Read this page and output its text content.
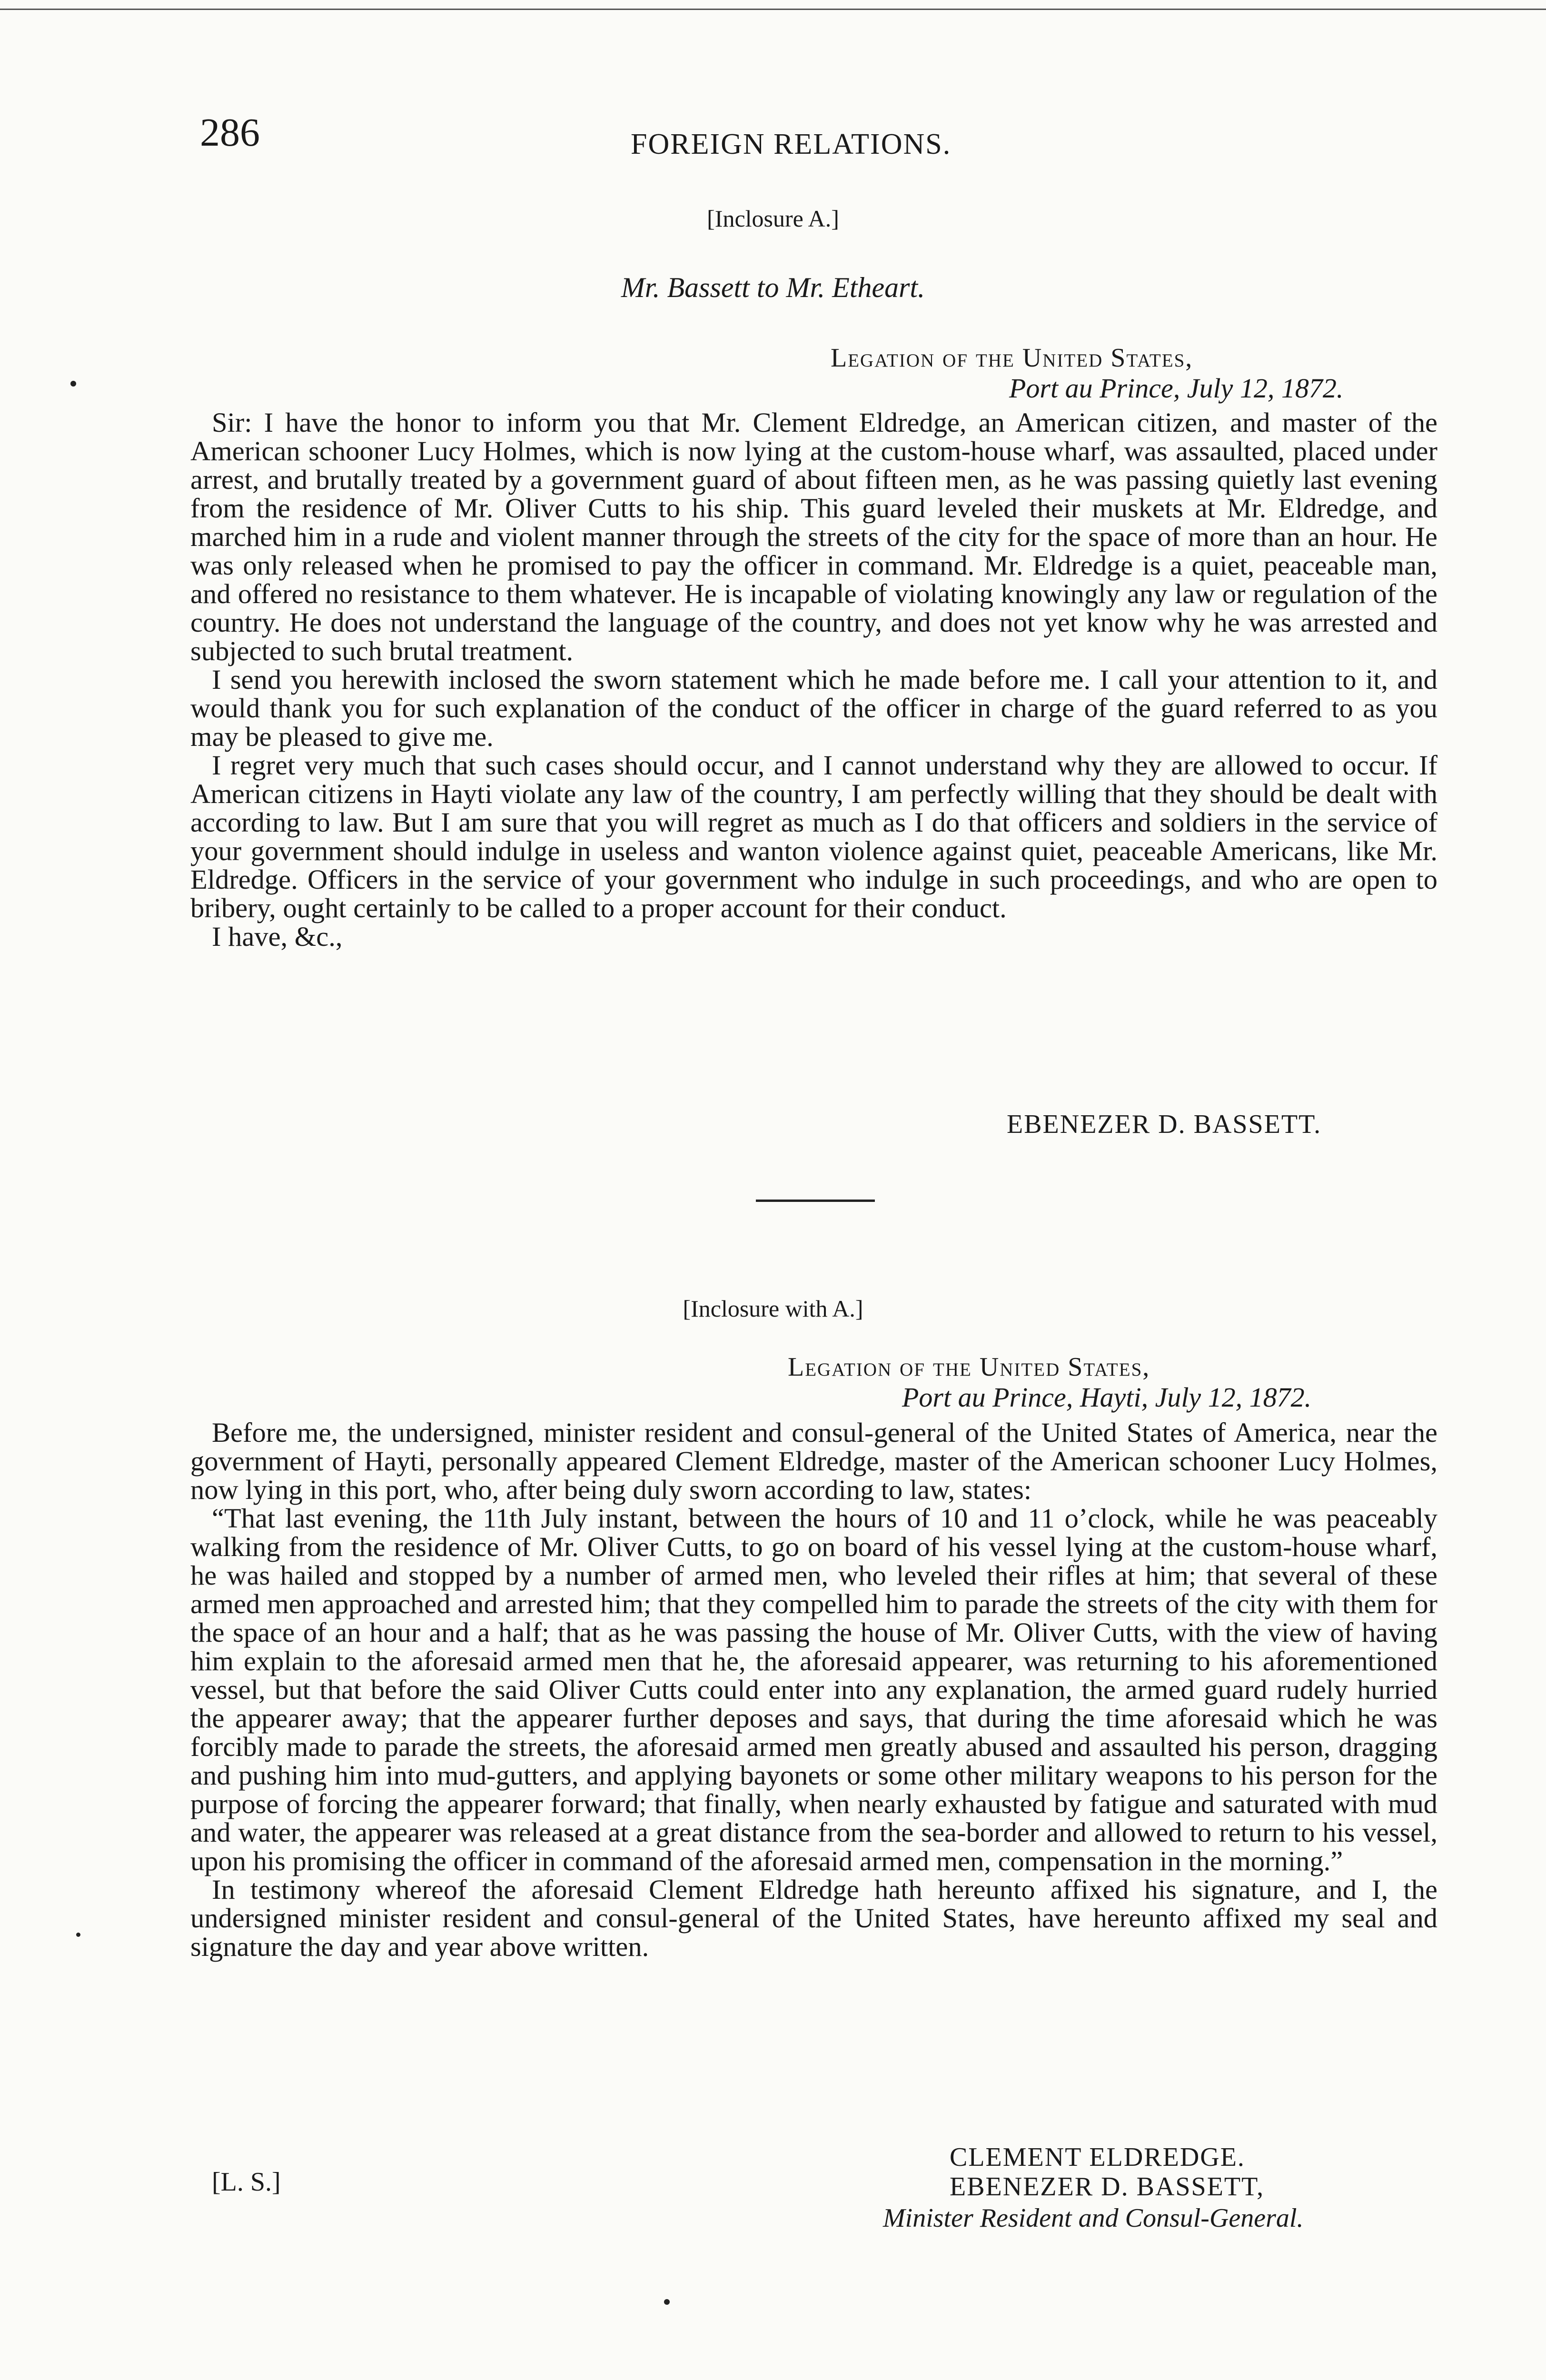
286	FOREIGN RELATIONS.
[Inclosure A.]
Mr. Bassett to Mr. Etheart.
Legation of the United States,
Port au Prince, July 12, 1872.

Sir: I have the honor to inform you that Mr. Clement Eldredge, an American citizen, and master of the American schooner Lucy Holmes, which is now lying at the custom-house wharf, was assaulted, placed under arrest, and brutally treated by a government guard of about fifteen men, as he was passing quietly last evening from the residence of Mr. Oliver Cutts to his ship. This guard leveled their muskets at Mr. Eldredge, and marched him in a rude and violent manner through the streets of the city for the space of more than an hour. He was only released when he promised to pay the officer in command. Mr. Eldredge is a quiet, peaceable man, and offered no resistance to them whatever. He is incapable of violating knowingly any law or regulation of the country. He does not understand the language of the country, and does not yet know why he was arrested and subjected to such brutal treatment.

I send you herewith inclosed the sworn statement which he made before me. I call your attention to it, and would thank you for such explanation of the conduct of the officer in charge of the guard referred to as you may be pleased to give me.

I regret very much that such cases should occur, and I cannot understand why they are allowed to occur. If American citizens in Hayti violate any law of the country, I am perfectly willing that they should be dealt with according to law. But I am sure that you will regret as much as I do that officers and soldiers in the service of your government should indulge in useless and wanton violence against quiet, peaceable Americans, like Mr. Eldredge. Officers in the service of your government who indulge in such proceedings, and who are open to bribery, ought certainly to be called to a proper account for their conduct.

I have, &c.,

EBENEZER D. BASSETT.
[Inclosure with A.]
Legation of the United States,
Port au Prince, Hayti, July 12, 1872.

Before me, the undersigned, minister resident and consul-general of the United States of America, near the government of Hayti, personally appeared Clement Eldredge, master of the American schooner Lucy Holmes, now lying in this port, who, after being duly sworn according to law, states:

“That last evening, the 11th July instant, between the hours of 10 and 11 o’clock, while he was peaceably walking from the residence of Mr. Oliver Cutts, to go on board of his vessel lying at the custom-house wharf, he was hailed and stopped by a number of armed men, who leveled their rifles at him; that several of these armed men approached and arrested him; that they compelled him to parade the streets of the city with them for the space of an hour and a half; that as he was passing the house of Mr. Oliver Cutts, with the view of having him explain to the aforesaid armed men that he, the aforesaid appearer, was returning to his aforementioned vessel, but that before the said Oliver Cutts could enter into any explanation, the armed guard rudely hurried the appearer away; that the appearer further deposes and says, that during the time aforesaid which he was forcibly made to parade the streets, the aforesaid armed men greatly abused and assaulted his person, dragging and pushing him into mud-gutters, and applying bayonets or some other military weapons to his person for the purpose of forcing the appearer forward; that finally, when nearly exhausted by fatigue and saturated with mud and water, the appearer was released at a great distance from the sea-border and allowed to return to his vessel, upon his promising the officer in command of the aforesaid armed men, compensation in the morning.”

In testimony whereof the aforesaid Clement Eldredge hath hereunto affixed his signature, and I, the undersigned minister resident and consul-general of the United States, have hereunto affixed my seal and signature the day and year above written.

[L. S.]
CLEMENT ELDREDGE.
EBENEZER D. BASSETT,
Minister Resident and Consul-General.
